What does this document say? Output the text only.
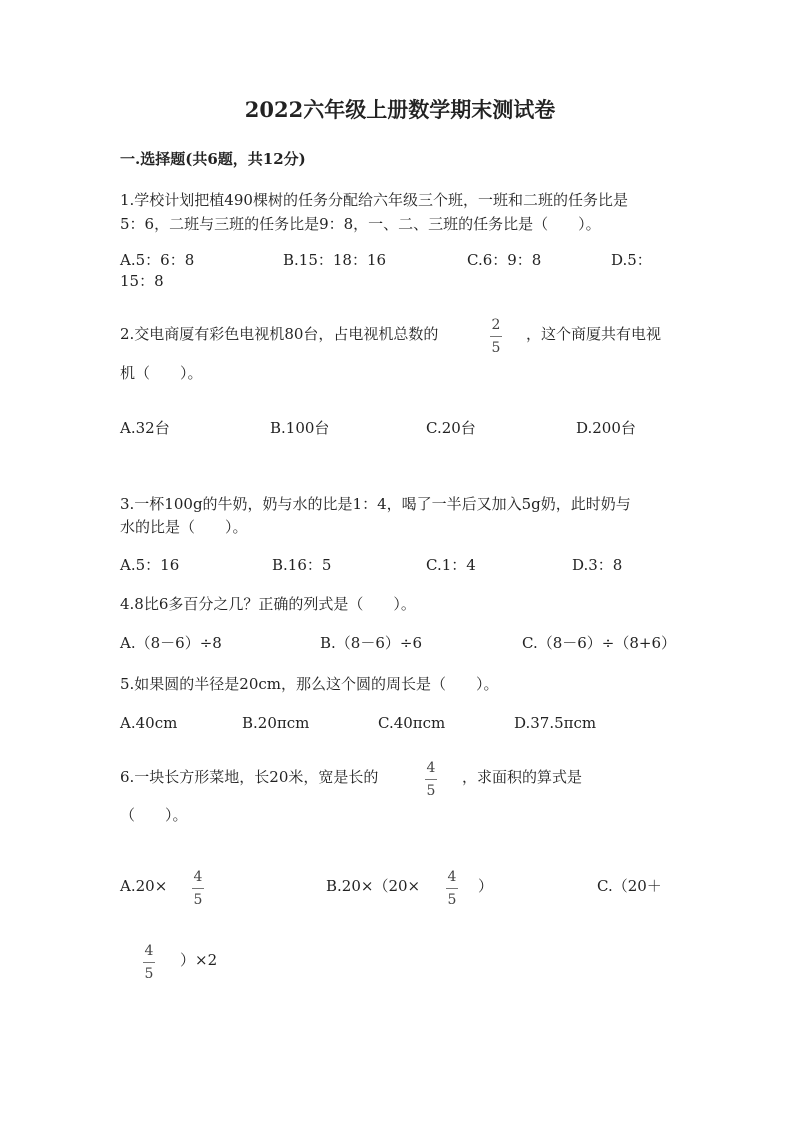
2022六年级上册数学期末测试卷
一.选择题(共6题，共12分)
1.学校计划把植490棵树的任务分配给六年级三个班，一班和二班的任务比是
5：6，二班与三班的任务比是9：8，一、二、三班的任务比是（　　）。
A.5：6：8	B.15：18：16	C.6：9：8	D.5：
15：8
2.交电商厦有彩色电视机80台，占电视机总数的	2
5
，这个商厦共有电视
机（　　）。
A.32台	B.100台	C.20台	D.200台
3.一杯100g的牛奶，奶与水的比是1：4，喝了一半后又加入5g奶，此时奶与
水的比是（　　）。
A.5：16	B.16：5	C.1：4	D.3：8
4.8比6多百分之几？正确的列式是（　　）。
A.（8－6）÷8	B.（8－6）÷6	C.（8－6）÷（8+6）
5.如果圆的半径是20cm，那么这个圆的周长是（　　）。
A.40cm	B.20πcm	C.40πcm	D.37.5πcm
6.一块长方形菜地，长20米，宽是长的	4
5
，求面积的算式是
（　　）。
A.20× 4
5
B.20×（20× 4
5
）	C.（20＋
4
5
）×2
